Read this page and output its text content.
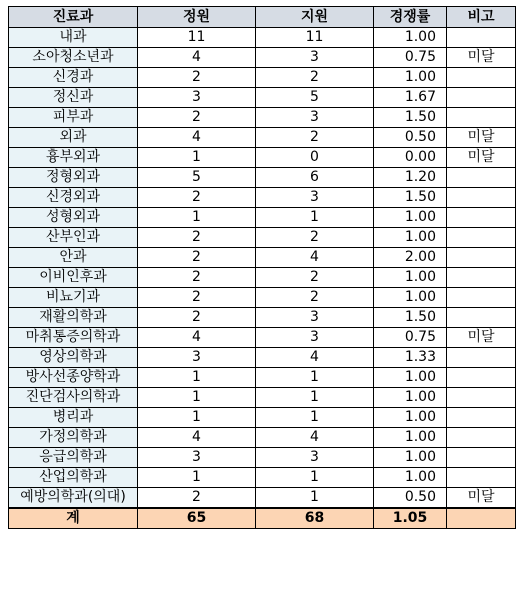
진료과	정원	지원	경쟁률	비고
내과	11	11	1.00	
소아청소년과	4	3	0.75	미달
신경과	2	2	1.00	
정신과	3	5	1.67	
피부과	2	3	1.50	
외과	4	2	0.50	미달
흉부외과	1	0	0.00	미달
정형외과	5	6	1.20	
신경외과	2	3	1.50	
성형외과	1	1	1.00	
산부인과	2	2	1.00	
안과	2	4	2.00	
이비인후과	2	2	1.00	
비뇨기과	2	2	1.00	
재활의학과	2	3	1.50	
마취통증의학과	4	3	0.75	미달
영상의학과	3	4	1.33	
방사선종양학과	1	1	1.00	
진단검사의학과	1	1	1.00	
병리과	1	1	1.00	
가정의학과	4	4	1.00	
응급의학과	3	3	1.00	
산업의학과	1	1	1.00	
예방의학과(의대)	2	1	0.50	미달
계	65	68	1.05	
